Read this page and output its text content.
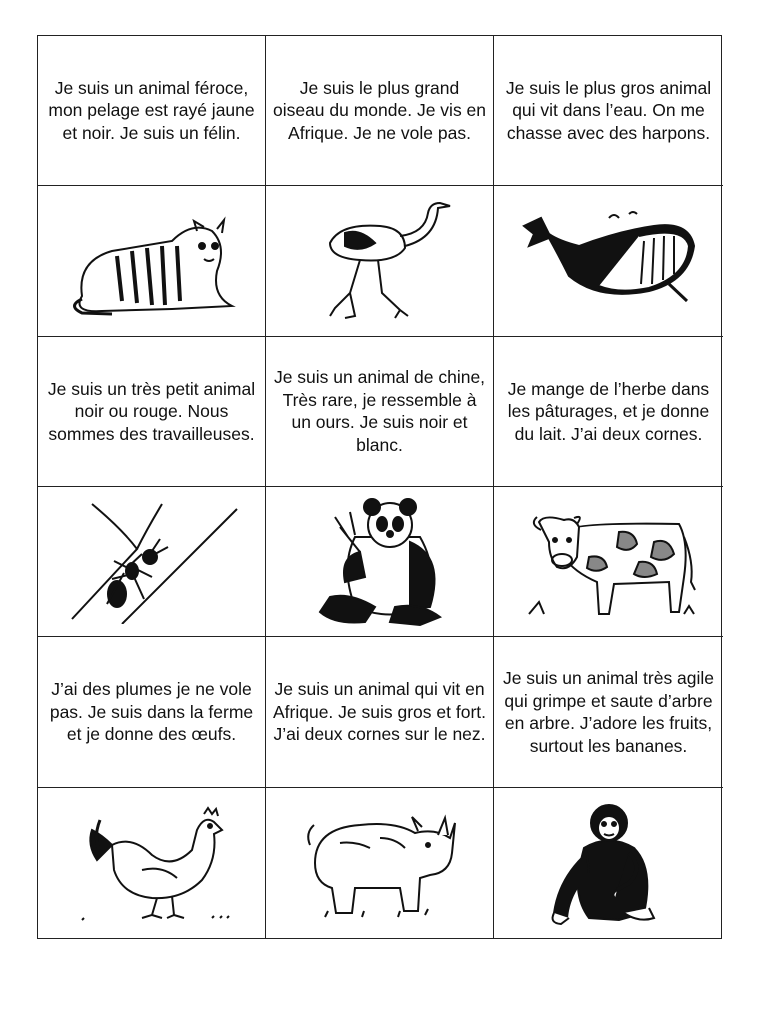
Je suis un animal féroce, mon pelage est rayé jaune et noir. Je suis un félin.
Je suis le plus grand oiseau du monde. Je vis en Afrique. Je ne vole pas.
Je suis le plus gros animal qui vit dans l’eau. On me chasse avec des harpons.
Je suis un très petit animal noir ou rouge. Nous sommes des travailleuses.
Je suis un animal de chine, Très rare, je ressemble à un ours. Je suis noir et blanc.
Je mange de l’herbe dans les pâturages, et je donne du lait. J’ai deux cornes.
J’ai des plumes je ne vole pas. Je suis dans la ferme et je donne des œufs.
Je suis un animal qui vit en Afrique. Je suis gros et fort. J’ai deux cornes sur le nez.
Je suis un animal très agile qui grimpe et saute d’arbre en arbre. J’adore les fruits, surtout les bananes.
